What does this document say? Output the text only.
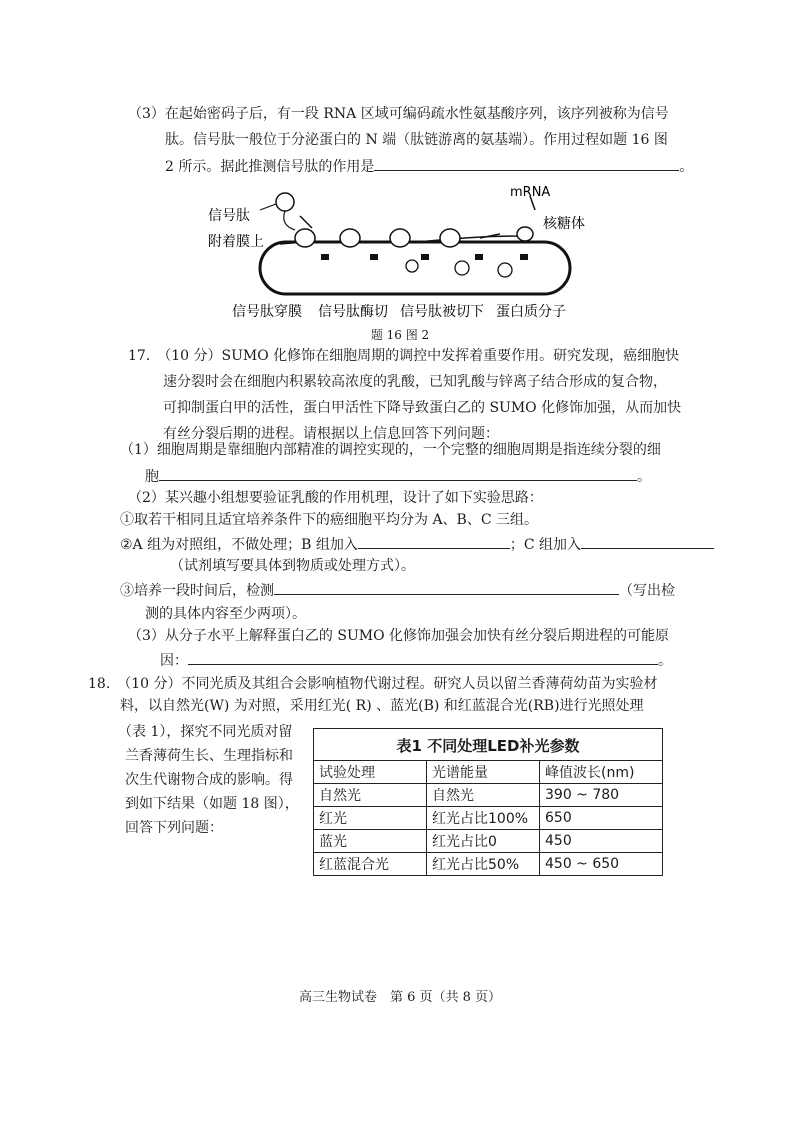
（3）在起始密码子后，有一段 RNA 区域可编码疏水性氨基酸序列，该序列被称为信号
肽。信号肽一般位于分泌蛋白的 N 端（肽链游离的氨基端）。作用过程如题 16 图
2 所示。据此推测信号肽的作用是	。
信号肽
附着膜上
mRNA
核糖体
信号肽穿膜 信号肽酶切 信号肽被切下 蛋白质分子
题 16 图 2
17.　（10 分）SUMO 化修饰在细胞周期的调控中发挥着重要作用。研究发现，癌细胞快
速分裂时会在细胞内积累较高浓度的乳酸，已知乳酸与锌离子结合形成的复合物，
可抑制蛋白甲的活性，蛋白甲活性下降导致蛋白乙的 SUMO 化修饰加强，从而加快
有丝分裂后期的进程。请根据以上信息回答下列问题：
（1）细胞周期是靠细胞内部精准的调控实现的，一个完整的细胞周期是指连续分裂的细
胞	。
（2）某兴趣小组想要验证乳酸的作用机理，设计了如下实验思路：
①取若干相同且适宜培养条件下的癌细胞平均分为 A、B、C 三组。
②A 组为对照组，不做处理；B 组加入	；C 组加入
（试剂填写要具体到物质或处理方式）。
③培养一段时间后，检测	（写出检
测的具体内容至少两项）。
（3）从分子水平上解释蛋白乙的 SUMO 化修饰加强会加快有丝分裂后期进程的可能原
因：	。
18.　（10 分）不同光质及其组合会影响植物代谢过程。研究人员以留兰香薄荷幼苗为实验材
料，以自然光(W) 为对照，采用红光( R) 、蓝光(B) 和红蓝混合光(RB)进行光照处理
（表 1），探究不同光质对留
兰香薄荷生长、生理指标和
次生代谢物合成的影响。得
到如下结果（如题 18 图），
回答下列问题：
表1 不同处理LED补光参数
试验处理	光谱能量	峰值波长(nm)
自然光	自然光	390 ~ 780
红光	红光占比100%	650
蓝光	红光占比0	450
红蓝混合光	红光占比50%	450 ~ 650
高三生物试卷　第 6 页（共 8 页）
